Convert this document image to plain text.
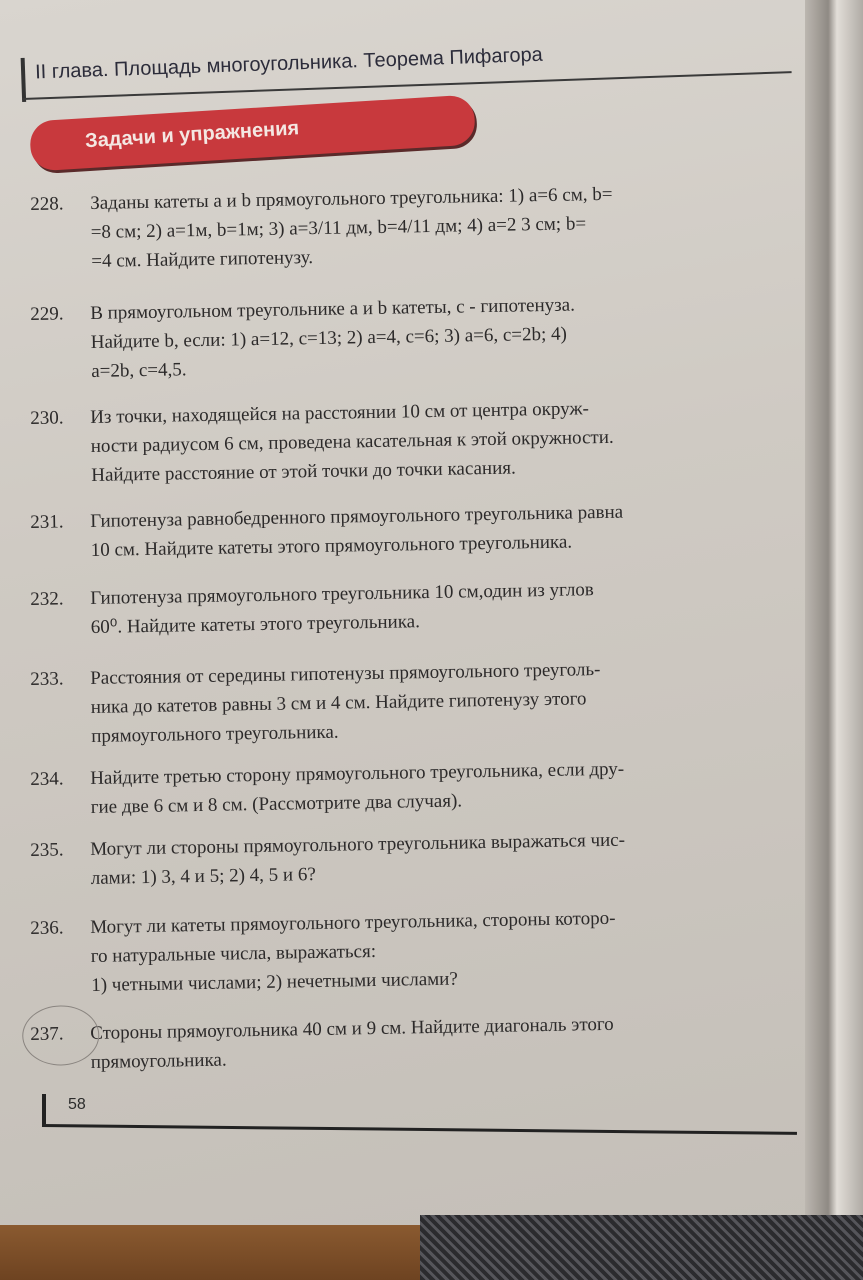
II глава. Площадь многоугольника. Теорема Пифагора
Задачи и упражнения
228. Заданы катеты a и b прямоугольного треугольника: 1) a=6 см, b=
=8 см; 2) a=1м, b=1м; 3) a=3/11 дм, b=4/11 дм; 4) a=2 3 см; b=
=4 см. Найдите гипотенузу.
229. В прямоугольном треугольнике a и b катеты, c - гипотенуза.
Найдите b, если: 1) a=12, c=13; 2) a=4, c=6; 3) a=6, c=2b; 4)
a=2b, c=4,5.
230. Из точки, находящейся на расстоянии 10 см от центра окруж-
ности радиусом 6 см, проведена касательная к этой окружности.
Найдите расстояние от этой точки до точки касания.
231. Гипотенуза равнобедренного прямоугольного треугольника равна
10 см. Найдите катеты этого прямоугольного треугольника.
232. Гипотенуза прямоугольного треугольника 10 см,один из углов
60⁰. Найдите катеты этого треугольника.
233. Расстояния от середины гипотенузы прямоугольного треуголь-
ника до катетов равны 3 см и 4 см. Найдите гипотенузу этого
прямоугольного треугольника.
234. Найдите третью сторону прямоугольного треугольника, если дру-
гие две 6 см и 8 см. (Рассмотрите два случая).
235. Могут ли стороны прямоугольного треугольника выражаться чис-
лами: 1) 3, 4 и 5; 2) 4, 5 и 6?
236. Могут ли катеты прямоугольного треугольника, стороны которо-
го натуральные числа, выражаться:
1) четными числами; 2) нечетными числами?
237. Стороны прямоугольника 40 см и 9 см. Найдите диагональ этого
прямоугольника.
58
